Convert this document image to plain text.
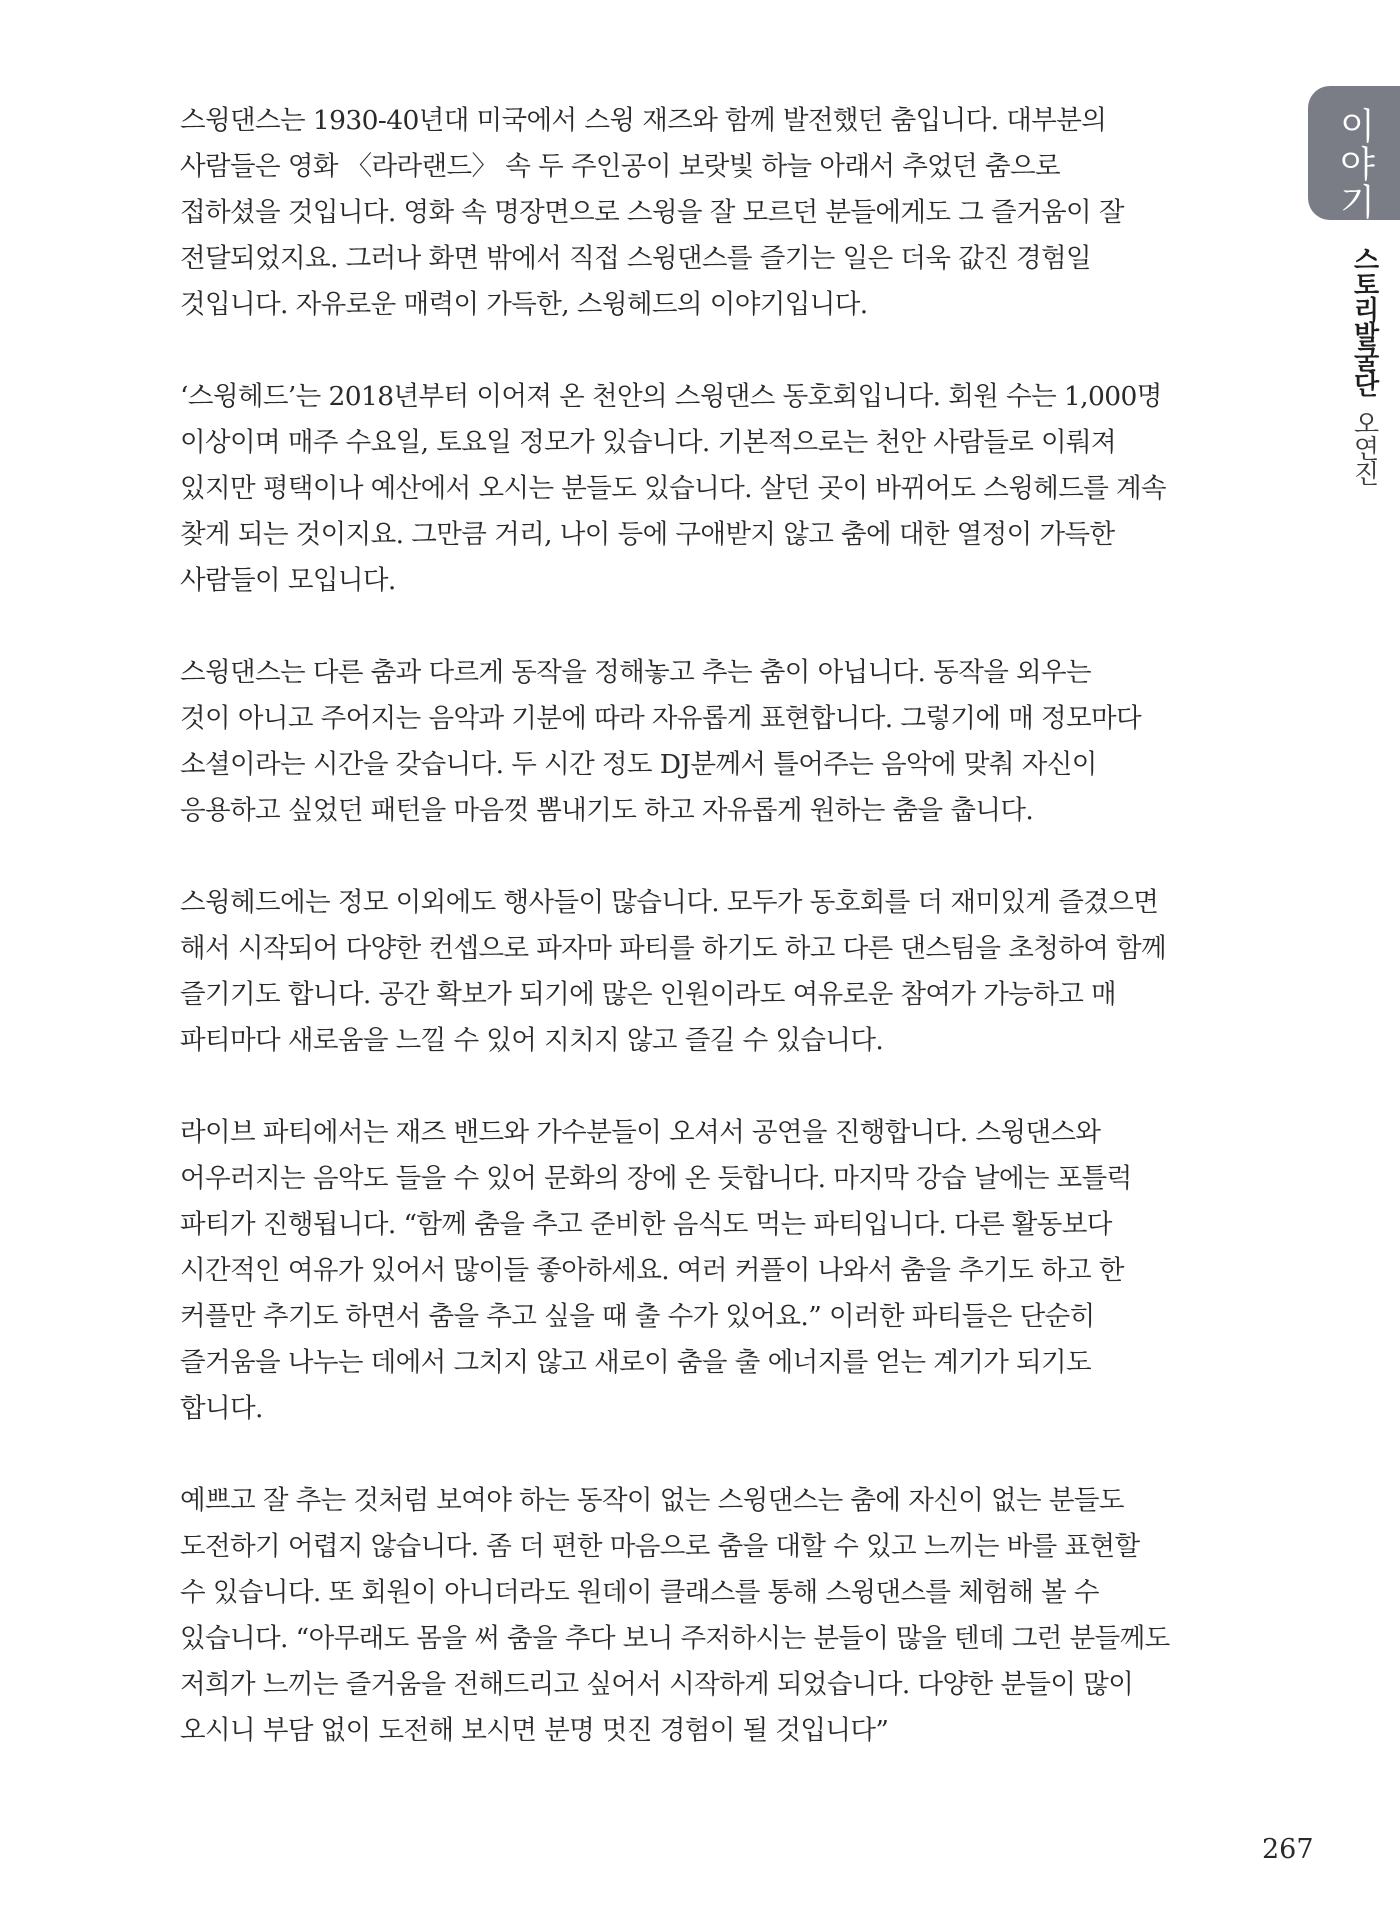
이야기
스토리발굴단오연진
스윙댄스는 1930-40년대 미국에서 스윙 재즈와 함께 발전했던 춤입니다. 대부분의
사람들은 영화 〈라라랜드〉 속 두 주인공이 보랏빛 하늘 아래서 추었던 춤으로
접하셨을 것입니다. 영화 속 명장면으로 스윙을 잘 모르던 분들에게도 그 즐거움이 잘
전달되었지요. 그러나 화면 밖에서 직접 스윙댄스를 즐기는 일은 더욱 값진 경험일
것입니다. 자유로운 매력이 가득한, 스윙헤드의 이야기입니다.
‘스윙헤드’는 2018년부터 이어져 온 천안의 스윙댄스 동호회입니다. 회원 수는 1,000명
이상이며 매주 수요일, 토요일 정모가 있습니다. 기본적으로는 천안 사람들로 이뤄져
있지만 평택이나 예산에서 오시는 분들도 있습니다. 살던 곳이 바뀌어도 스윙헤드를 계속
찾게 되는 것이지요. 그만큼 거리, 나이 등에 구애받지 않고 춤에 대한 열정이 가득한
사람들이 모입니다.
스윙댄스는 다른 춤과 다르게 동작을 정해놓고 추는 춤이 아닙니다. 동작을 외우는
것이 아니고 주어지는 음악과 기분에 따라 자유롭게 표현합니다. 그렇기에 매 정모마다
소셜이라는 시간을 갖습니다. 두 시간 정도 DJ분께서 틀어주는 음악에 맞춰 자신이
응용하고 싶었던 패턴을 마음껏 뽐내기도 하고 자유롭게 원하는 춤을 춥니다.
스윙헤드에는 정모 이외에도 행사들이 많습니다. 모두가 동호회를 더 재미있게 즐겼으면
해서 시작되어 다양한 컨셉으로 파자마 파티를 하기도 하고 다른 댄스팀을 초청하여 함께
즐기기도 합니다. 공간 확보가 되기에 많은 인원이라도 여유로운 참여가 가능하고 매
파티마다 새로움을 느낄 수 있어 지치지 않고 즐길 수 있습니다.
라이브 파티에서는 재즈 밴드와 가수분들이 오셔서 공연을 진행합니다. 스윙댄스와
어우러지는 음악도 들을 수 있어 문화의 장에 온 듯합니다. 마지막 강습 날에는 포틀럭
파티가 진행됩니다. “함께 춤을 추고 준비한 음식도 먹는 파티입니다. 다른 활동보다
시간적인 여유가 있어서 많이들 좋아하세요. 여러 커플이 나와서 춤을 추기도 하고 한
커플만 추기도 하면서 춤을 추고 싶을 때 출 수가 있어요.” 이러한 파티들은 단순히
즐거움을 나누는 데에서 그치지 않고 새로이 춤을 출 에너지를 얻는 계기가 되기도
합니다.
예쁘고 잘 추는 것처럼 보여야 하는 동작이 없는 스윙댄스는 춤에 자신이 없는 분들도
도전하기 어렵지 않습니다. 좀 더 편한 마음으로 춤을 대할 수 있고 느끼는 바를 표현할
수 있습니다. 또 회원이 아니더라도 원데이 클래스를 통해 스윙댄스를 체험해 볼 수
있습니다. “아무래도 몸을 써 춤을 추다 보니 주저하시는 분들이 많을 텐데 그런 분들께도
저희가 느끼는 즐거움을 전해드리고 싶어서 시작하게 되었습니다. 다양한 분들이 많이
오시니 부담 없이 도전해 보시면 분명 멋진 경험이 될 것입니다”
267
